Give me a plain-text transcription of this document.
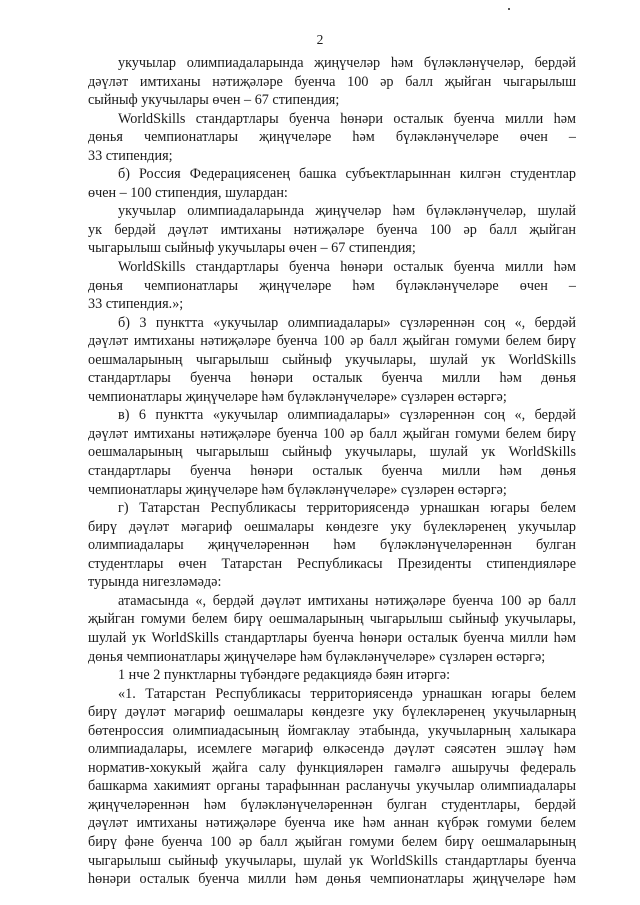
2
укучылар олимпиадаларында җиңүчеләр һәм бүләкләнүчеләр, бердәй
дәүләт имтиханы нәтиҗәләре буенча 100 әр балл җыйган чыгарылыш
сыйныф укучылары өчен – 67 стипендия;
WorldSkills стандартлары буенча һөнәри осталык буенча милли һәм
дөнья чемпионатлары җиңүчеләре һәм бүләкләнүчеләре өчен –
33 стипендия;
б) Россия Федерациясенең башка субъектларыннан килгән студентлар
өчен – 100 стипендия, шулардан:
укучылар олимпиадаларында җиңүчеләр һәм бүләкләнүчеләр, шулай
ук бердәй дәүләт имтиханы нәтиҗәләре буенча 100 әр балл җыйган
чыгарылыш сыйныф укучылары өчен – 67 стипендия;
WorldSkills стандартлары буенча һөнәри осталык буенча милли һәм
дөнья чемпионатлары җиңүчеләре һәм бүләкләнүчеләре өчен –
33 стипендия.»;
б) 3 пунктта «укучылар олимпиадалары» сүзләреннән соң «, бердәй
дәүләт имтиханы нәтиҗәләре буенча 100 әр балл җыйган гомуми белем бирү
оешмаларының чыгарылыш сыйныф укучылары, шулай ук WorldSkills
стандартлары буенча һөнәри осталык буенча милли һәм дөнья
чемпионатлары җиңүчеләре һәм бүләкләнүчеләре» сүзләрен өстәргә;
в) 6 пунктта «укучылар олимпиадалары» сүзләреннән соң «, бердәй
дәүләт имтиханы нәтиҗәләре буенча 100 әр балл җыйган гомуми белем бирү
оешмаларының чыгарылыш сыйныф укучылары, шулай ук WorldSkills
стандартлары буенча һөнәри осталык буенча милли һәм дөнья
чемпионатлары җиңүчеләре һәм бүләкләнүчеләре» сүзләрен өстәргә;
г) Татарстан Республикасы территориясендә урнашкан югары белем
бирү дәүләт мәгариф оешмалары көндезге уку бүлекләренең укучылар
олимпиадалары җиңүчеләреннән һәм бүләкләнүчеләреннән булган
студентлары өчен Татарстан Республикасы Президенты стипендияләре
турында нигезләмәдә:
атамасында «, бердәй дәүләт имтиханы нәтиҗәләре буенча 100 әр балл
җыйган гомуми белем бирү оешмаларының чыгарылыш сыйныф укучылары,
шулай ук WorldSkills стандартлары буенча һөнәри осталык буенча милли һәм
дөнья чемпионатлары җиңүчеләре һәм бүләкләнүчеләре» сүзләрен өстәргә;
1 нче 2 пунктларны түбәндәге редакциядә бәян итәргә:
«1. Татарстан Республикасы территориясендә урнашкан югары белем
бирү дәүләт мәгариф оешмалары көндезге уку бүлекләренең укучыларның
бөтенроссия олимпиадасының йомгаклау этабында, укучыларның халыкара
олимпиадалары, исемлеге мәгариф өлкәсендә дәүләт сәясәтен эшләү һәм
норматив-хокукый җайга салу функцияләрен гамәлгә ашыручы федераль
башкарма хакимият органы тарафыннан расланучы укучылар олимпиадалары
җиңүчеләреннән һәм бүләкләнүчеләреннән булган студентлары, бердәй
дәүләт имтиханы нәтиҗәләре буенча ике һәм аннан күбрәк гомуми белем
бирү фәне буенча 100 әр балл җыйган гомуми белем бирү оешмаларының
чыгарылыш сыйныф укучылары, шулай ук WorldSkills стандартлары буенча
һөнәри осталык буенча милли һәм дөнья чемпионатлары җиңүчеләре һәм
